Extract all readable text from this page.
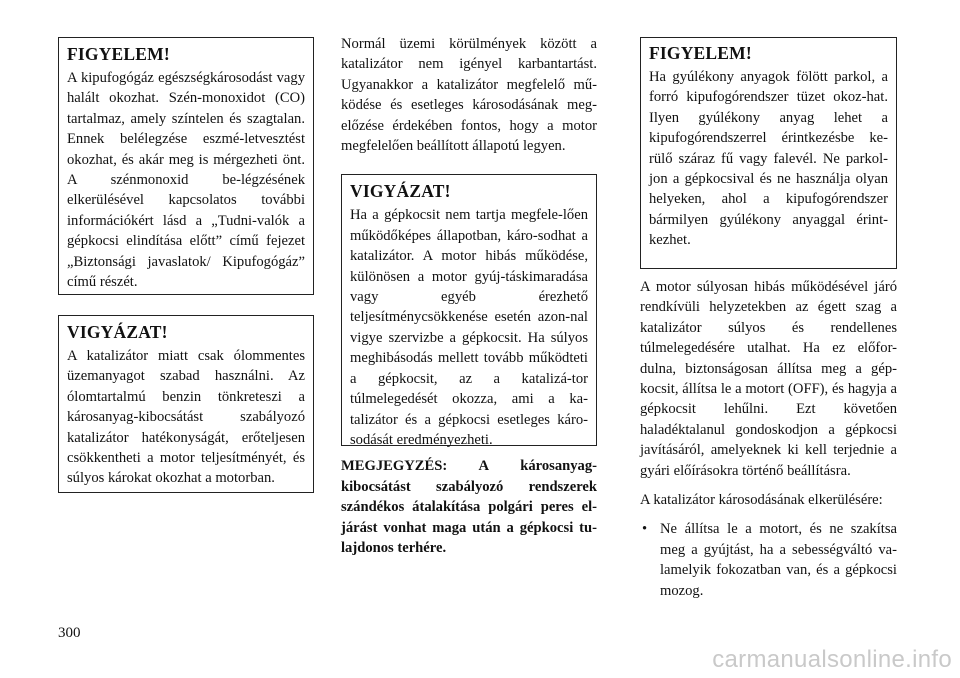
FIGYELEM!

A kipufogógáz egészségkárosodást vagy halált okozhat. Szén-monoxidot (CO) tartalmaz, amely színtelen és szagtalan. Ennek belélegzése eszmé-letvesztést okozhat, és akár meg is mérgezheti önt. A szénmonoxid be-légzésének elkerülésével kapcsolatos további információkért lásd a „Tudni-valók a gépkocsi elindítása előtt” című fejezet „Biztonsági javaslatok/ Kipufogógáz” című részét.

VIGYÁZAT!

A katalizátor miatt csak ólommentes üzemanyagot szabad használni. Az ólomtartalmú benzin tönkreteszi a károsanyag-kibocsátást szabályozó katalizátor hatékonyságát, erőteljesen csökkentheti a motor teljesítményét, és súlyos károkat okozhat a motorban.

Normál üzemi körülmények között a katalizátor nem igényel karbantartást. Ugyanakkor a katalizátor megfelelő mű-ködése és esetleges károsodásának meg-előzése érdekében fontos, hogy a motor megfelelően beállított állapotú legyen.

VIGYÁZAT!

Ha a gépkocsit nem tartja megfele-lően működőképes állapotban, káro-sodhat a katalizátor. A motor hibás működése, különösen a motor gyúj-táskimaradása vagy egyéb érezhető teljesítménycsökkenése esetén azon-nal vigye szervizbe a gépkocsit. Ha súlyos meghibásodás mellett tovább működteti a gépkocsit, az a katalizá-tor túlmelegedését okozza, ami a ka-talizátor és a gépkocsi esetleges káro-sodását eredményezheti.

MEGJEGYZÉS: A károsanyag-kibocsátást szabályozó rendszerek szándékos átalakítása polgári peres el-járást vonhat maga után a gépkocsi tu-lajdonos terhére.

FIGYELEM!

Ha gyúlékony anyagok fölött parkol, a forró kipufogórendszer tüzet okoz-hat. Ilyen gyúlékony anyag lehet a kipufogórendszerrel érintkezésbe ke-rülő száraz fű vagy falevél. Ne parkol-jon a gépkocsival és ne használja olyan helyeken, ahol a kipufogórendszer bármilyen gyúlékony anyaggal érint-kezhet.

A motor súlyosan hibás működésével járó rendkívüli helyzetekben az égett szag a katalizátor súlyos és rendellenes túlmelegedésére utalhat. Ha ez előfor-dulna, biztonságosan állítsa meg a gép-kocsit, állítsa le a motort (OFF), és hagyja a gépkocsit lehűlni. Ezt követően haladéktalanul gondoskodjon a gépkocsi javításáról, amelyeknek ki kell terjednie a gyári előírásokra történő beállításra.

A katalizátor károsodásának elkerülésére:

• Ne állítsa le a motort, és ne szakítsa meg a gyújtást, ha a sebességváltó va-lamelyik fokozatban van, és a gépkocsi mozog.
300
carmanualsonline.info
